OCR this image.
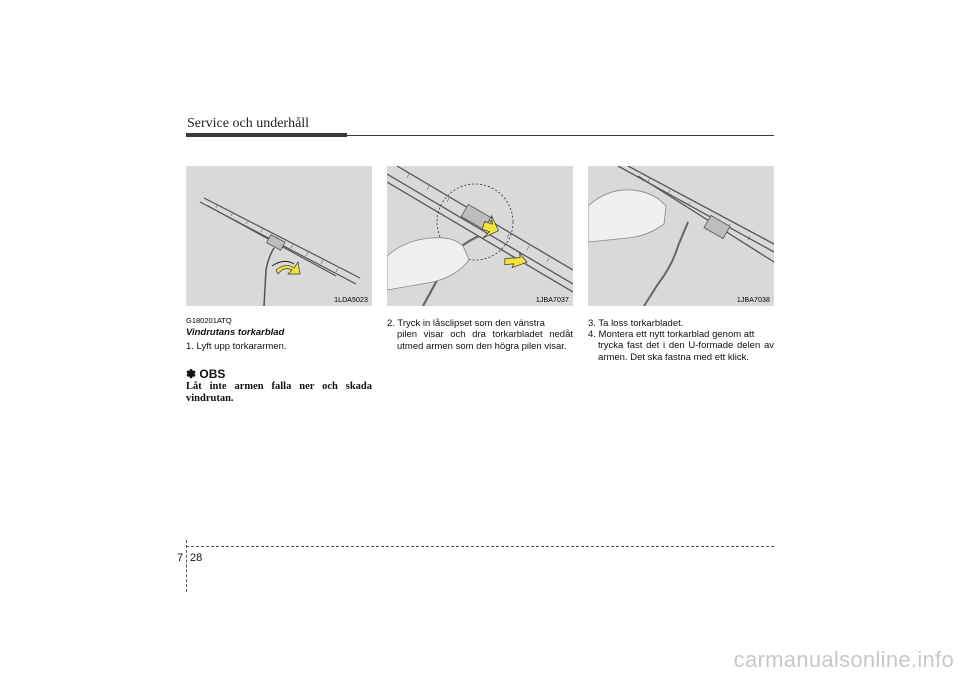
Service och underhåll
1LDA5023	1JBA7037	1JBA7038
G180201ATQ
Vindrutans torkarblad
1. Lyft upp torkararmen.
✽ OBS
Låt inte armen falla ner och skada vindrutan.
2. Tryck in låsclipset som den vänstra
pilen visar och dra torkarbladet nedåt utmed armen som den högra pilen visar.
3. Ta loss torkarbladet.
4. Montera ett nytt torkarblad genom att
trycka fast det i den U-formade delen av armen. Det ska fastna med ett klick.
7 28
carmanualsonline.info
